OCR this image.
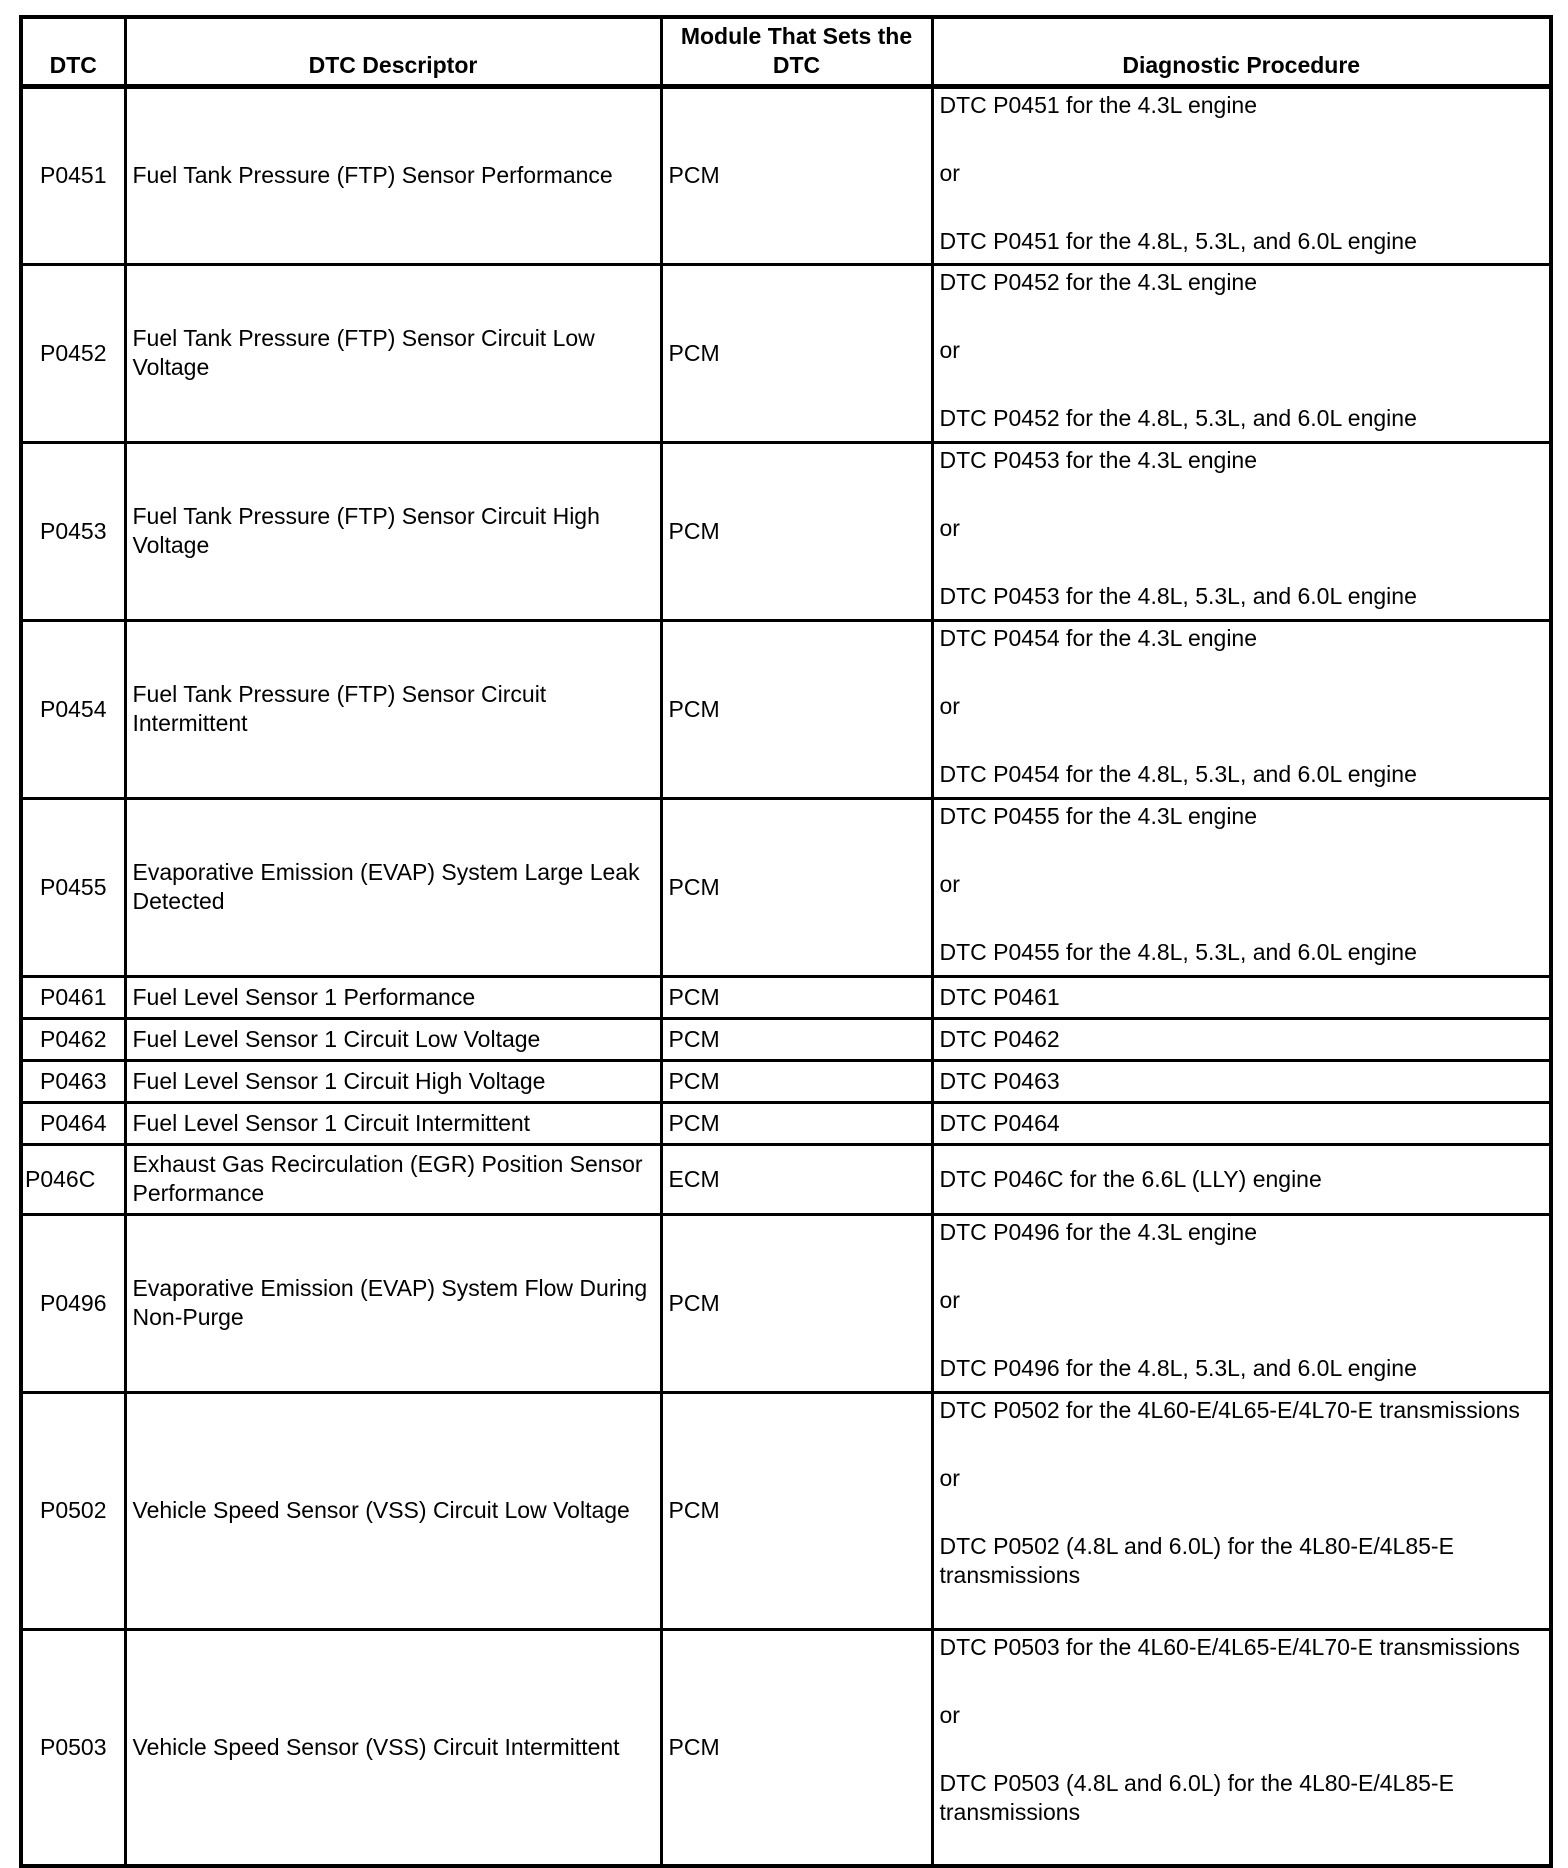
DTC	DTC Descriptor	Module That Sets the DTC	Diagnostic Procedure
P0451	Fuel Tank Pressure (FTP) Sensor Performance	PCM	DTC P0451 for the 4.3L engine
or
DTC P0451 for the 4.8L, 5.3L, and 6.0L engine

P0452	Fuel Tank Pressure (FTP) Sensor Circuit Low Voltage	PCM	DTC P0452 for the 4.3L engine
or
DTC P0452 for the 4.8L, 5.3L, and 6.0L engine

P0453	Fuel Tank Pressure (FTP) Sensor Circuit High Voltage	PCM	DTC P0453 for the 4.3L engine
or
DTC P0453 for the 4.8L, 5.3L, and 6.0L engine

P0454	Fuel Tank Pressure (FTP) Sensor Circuit Intermittent	PCM	DTC P0454 for the 4.3L engine
or
DTC P0454 for the 4.8L, 5.3L, and 6.0L engine

P0455	Evaporative Emission (EVAP) System Large Leak Detected	PCM	DTC P0455 for the 4.3L engine
or
DTC P0455 for the 4.8L, 5.3L, and 6.0L engine

P0461	Fuel Level Sensor 1 Performance	PCM	DTC P0461
P0462	Fuel Level Sensor 1 Circuit Low Voltage	PCM	DTC P0462
P0463	Fuel Level Sensor 1 Circuit High Voltage	PCM	DTC P0463
P0464	Fuel Level Sensor 1 Circuit Intermittent	PCM	DTC P0464
P046C	Exhaust Gas Recirculation (EGR) Position Sensor Performance	ECM	DTC P046C for the 6.6L (LLY) engine
P0496	Evaporative Emission (EVAP) System Flow During Non-Purge	PCM	DTC P0496 for the 4.3L engine
or
DTC P0496 for the 4.8L, 5.3L, and 6.0L engine

P0502	Vehicle Speed Sensor (VSS) Circuit Low Voltage	PCM	DTC P0502 for the 4L60-E/4L65-E/4L70-E transmissions
or
DTC P0502 (4.8L and 6.0L) for the 4L80-E/4L85-E transmissions

P0503	Vehicle Speed Sensor (VSS) Circuit Intermittent	PCM	DTC P0503 for the 4L60-E/4L65-E/4L70-E transmissions
or
DTC P0503 (4.8L and 6.0L) for the 4L80-E/4L85-E transmissions
